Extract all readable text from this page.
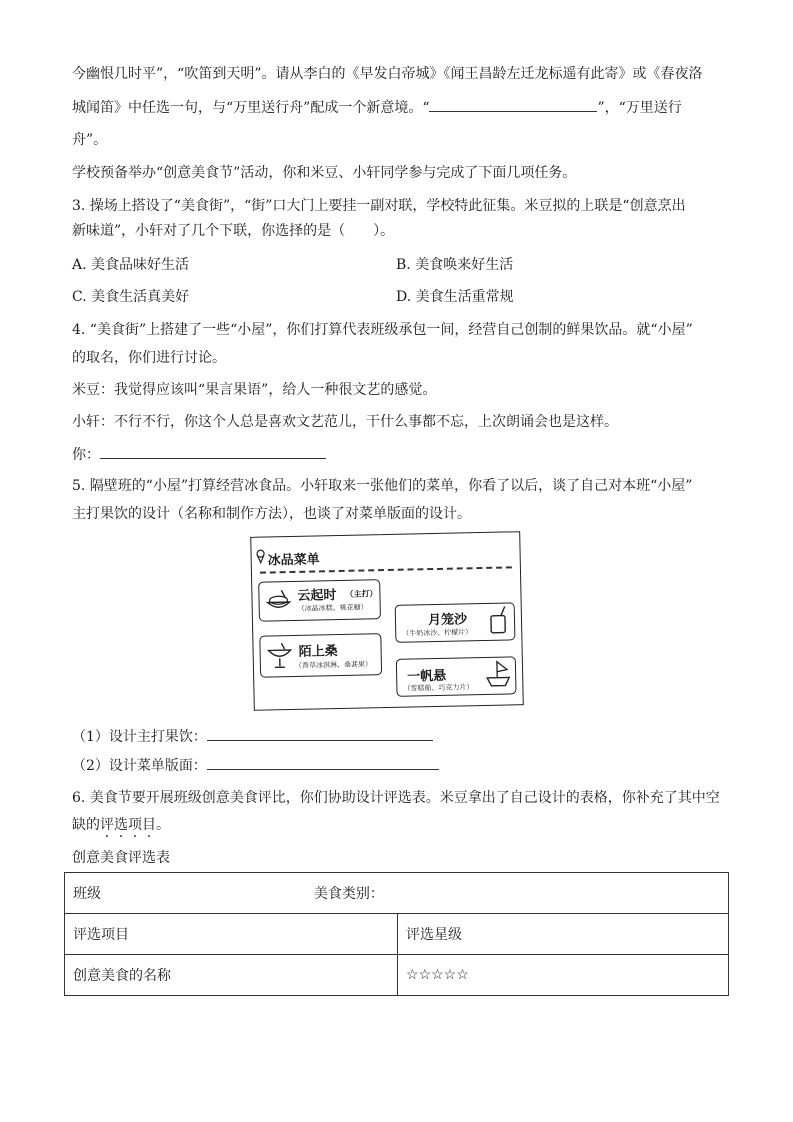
今幽恨几时平”，“吹笛到天明”。请从李白的《早发白帝城》《闻王昌龄左迁龙标遥有此寄》或《春夜洛
城闻笛》中任选一句，与“万里送行舟”配成一个新意境。“	”，“万里送行
舟”。
学校预备举办“创意美食节”活动，你和米豆、小轩同学参与完成了下面几项任务。
3. 操场上搭设了“美食街”，“街”口大门上要挂一副对联，学校特此征集。米豆拟的上联是“创意烹出
新味道”，小轩对了几个下联，你选择的是（　　）。
A. 美食品味好生活	B. 美食唤来好生活
C. 美食生活真美好	D. 美食生活重常规
4. “美食街”上搭建了一些“小屋”，你们打算代表班级承包一间，经营自己创制的鲜果饮品。就“小屋”
的取名，你们进行讨论。
米豆：我觉得应该叫“果言果语”，给人一种很文艺的感觉。
小轩：不行不行，你这个人总是喜欢文艺范儿，干什么事都不忘，上次朗诵会也是这样。
你：
5. 隔壁班的“小屋”打算经营冰食品。小轩取来一张他们的菜单，你看了以后，谈了自己对本班“小屋”
主打果饮的设计（名称和制作方法），也谈了对菜单版面的设计。
冰品菜单
云起时 （主打）
（冰晶冰糕、桃花糖）
月笼沙
（牛奶冰沙、柠檬片）
陌上桑
（香草冰淇淋、桑葚果）
一帆悬
（雪糕船、巧克力片）
（1）设计主打果饮：
（2）设计菜单版面：
6. 美食节要开展班级创意美食评比，你们协助设计评选表。米豆拿出了自己设计的表格，你补充了其中空
缺的评选项目。
创意美食评选表
班级 美食类别：	
评选项目	评选星级
创意美食的名称	☆☆☆☆☆
